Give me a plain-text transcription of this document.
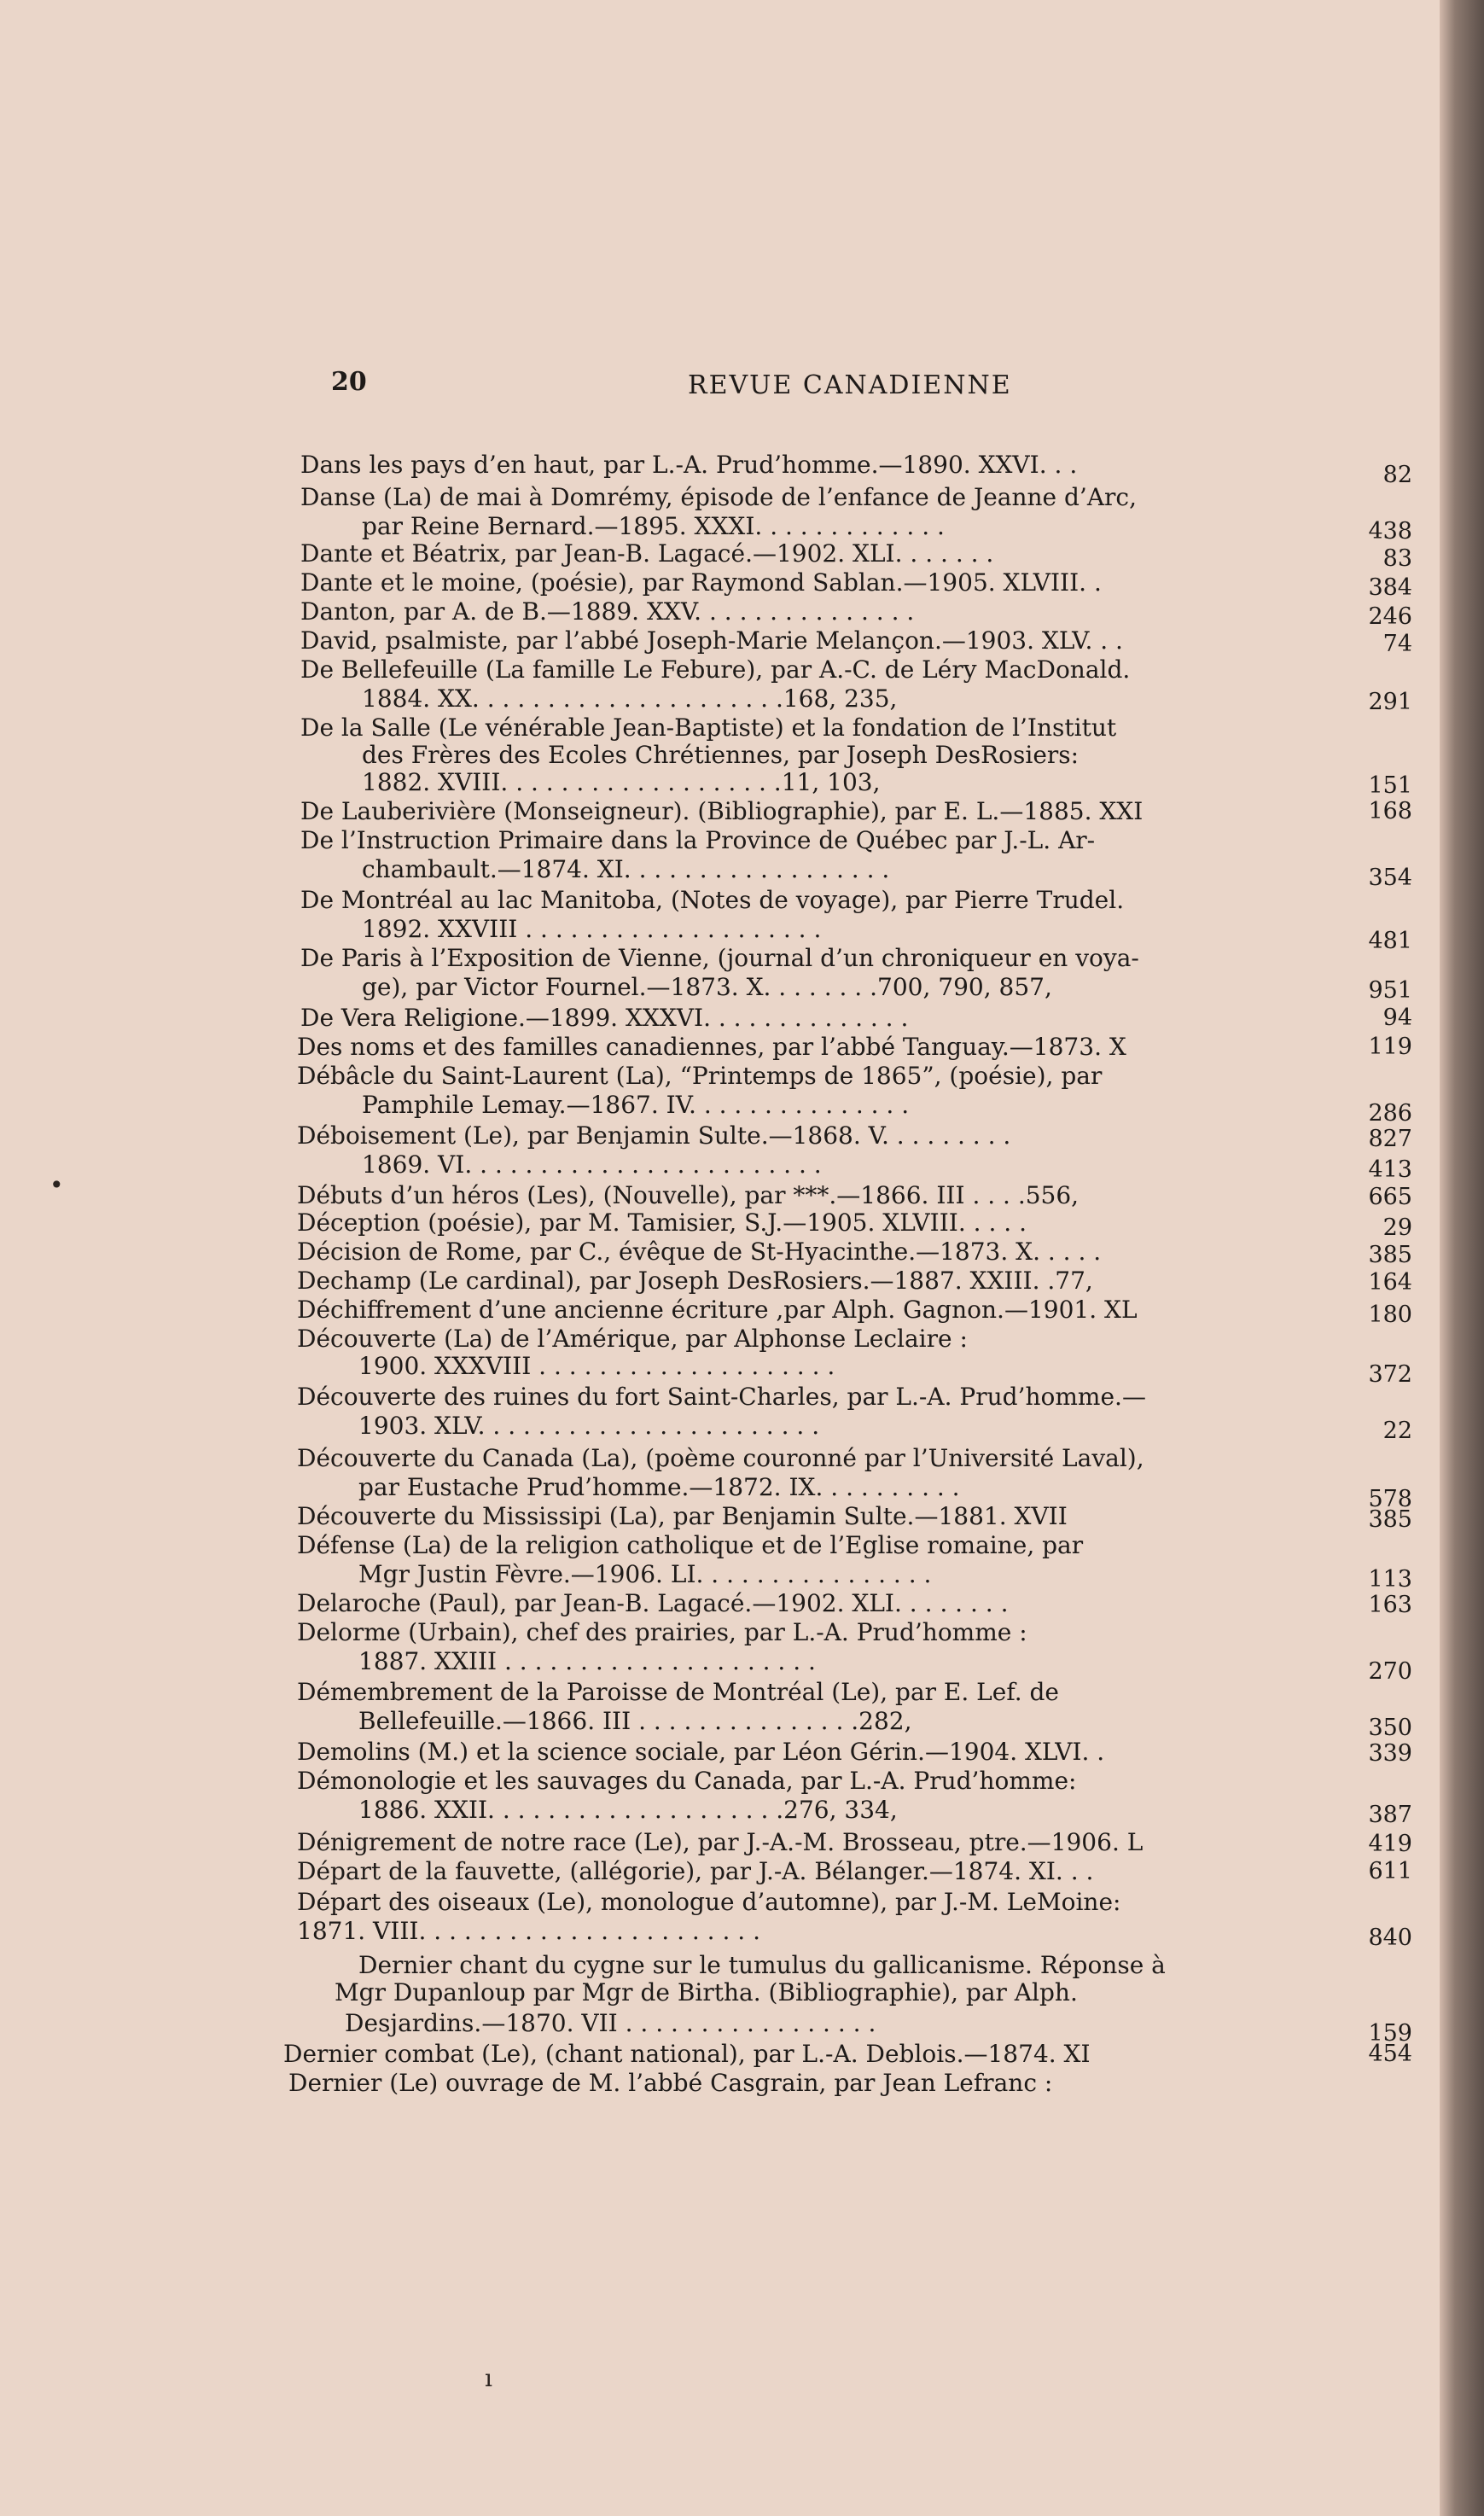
20	REVUE CANADIENNE
Dans les pays d’en haut, par L.-A. Prud’homme.—1890. XXVI. . .	82
Danse (La) de mai à Domrémy, épisode de l’enfance de Jeanne d’Arc,
par Reine Bernard.—1895. XXXI. . . . . . . . . . . . .	438
Dante et Béatrix, par Jean-B. Lagacé.—1902. XLI. . . . . . .	83
Dante et le moine, (poésie), par Raymond Sablan.—1905. XLVIII. .	384
Danton, par A. de B.—1889. XXV. . . . . . . . . . . . . . .	246
David, psalmiste, par l’abbé Joseph-Marie Melançon.—1903. XLV. . .	74
De Bellefeuille (La famille Le Febure), par A.-C. de Léry MacDonald.
1884. XX. . . . . . . . . . . . . . . . . . . . .168, 235,	291
De la Salle (Le vénérable Jean-Baptiste) et la fondation de l’Institut
des Frères des Ecoles Chrétiennes, par Joseph DesRosiers:
1882. XVIII. . . . . . . . . . . . . . . . . . .11, 103,	151
De Lauberivière (Monseigneur). (Bibliographie), par E. L.—1885. XXI	168
De l’Instruction Primaire dans la Province de Québec par J.-L. Ar-
chambault.—1874. XI. . . . . . . . . . . . . . . . . .	354
De Montréal au lac Manitoba, (Notes de voyage), par Pierre Trudel.
1892. XXVIII . . . . . . . . . . . . . . . . . . . .	481
De Paris à l’Exposition de Vienne, (journal d’un chroniqueur en voya-
ge), par Victor Fournel.—1873. X. . . . . . . .700, 790, 857,	951
De Vera Religione.—1899. XXXVI. . . . . . . . . . . . . .	94
Des noms et des familles canadiennes, par l’abbé Tanguay.—1873. X	119
Débâcle du Saint-Laurent (La), “Printemps de 1865”, (poésie), par
Pamphile Lemay.—1867. IV. . . . . . . . . . . . . . .	286
Déboisement (Le), par Benjamin Sulte.—1868. V. . . . . . . . .	827
1869. VI. . . . . . . . . . . . . . . . . . . . . . . .	413
Débuts d’un héros (Les), (Nouvelle), par ***.—1866. III . . . .556,	665
Déception (poésie), par M. Tamisier, S.J.—1905. XLVIII. . . . .	29
Décision de Rome, par C., évêque de St-Hyacinthe.—1873. X. . . . .	385
Dechamp (Le cardinal), par Joseph DesRosiers.—1887. XXIII. .77,	164
Déchiffrement d’une ancienne écriture ,par Alph. Gagnon.—1901. XL	180
Découverte (La) de l’Amérique, par Alphonse Leclaire :
1900. XXXVIII . . . . . . . . . . . . . . . . . . . .	372
Découverte des ruines du fort Saint-Charles, par L.-A. Prud’homme.—
1903. XLV. . . . . . . . . . . . . . . . . . . . . . .	22
Découverte du Canada (La), (poème couronné par l’Université Laval),
par Eustache Prud’homme.—1872. IX. . . . . . . . . .	578
Découverte du Mississipi (La), par Benjamin Sulte.—1881. XVII	385
Défense (La) de la religion catholique et de l’Eglise romaine, par
Mgr Justin Fèvre.—1906. LI. . . . . . . . . . . . . . . .	113
Delaroche (Paul), par Jean-B. Lagacé.—1902. XLI. . . . . . . .	163
Delorme (Urbain), chef des prairies, par L.-A. Prud’homme :
1887. XXIII . . . . . . . . . . . . . . . . . . . . .	270
Démembrement de la Paroisse de Montréal (Le), par E. Lef. de
Bellefeuille.—1866. III . . . . . . . . . . . . . . .282,	350
Demolins (M.) et la science sociale, par Léon Gérin.—1904. XLVI. .	339
Démonologie et les sauvages du Canada, par L.-A. Prud’homme:
1886. XXII. . . . . . . . . . . . . . . . . . . .276, 334,	387
Dénigrement de notre race (Le), par J.-A.-M. Brosseau, ptre.—1906. L	419
Départ de la fauvette, (allégorie), par J.-A. Bélanger.—1874. XI. . .	611
Départ des oiseaux (Le), monologue d’automne), par J.-M. LeMoine:
1871. VIII. . . . . . . . . . . . . . . . . . . . . . .	840
Dernier chant du cygne sur le tumulus du gallicanisme. Réponse à
Mgr Dupanloup par Mgr de Birtha. (Bibliographie), par Alph.
Desjardins.—1870. VII . . . . . . . . . . . . . . . . .	159
Dernier combat (Le), (chant national), par L.-A. Deblois.—1874. XI	454
Dernier (Le) ouvrage de M. l’abbé Casgrain, par Jean Lefranc :
•
ı
